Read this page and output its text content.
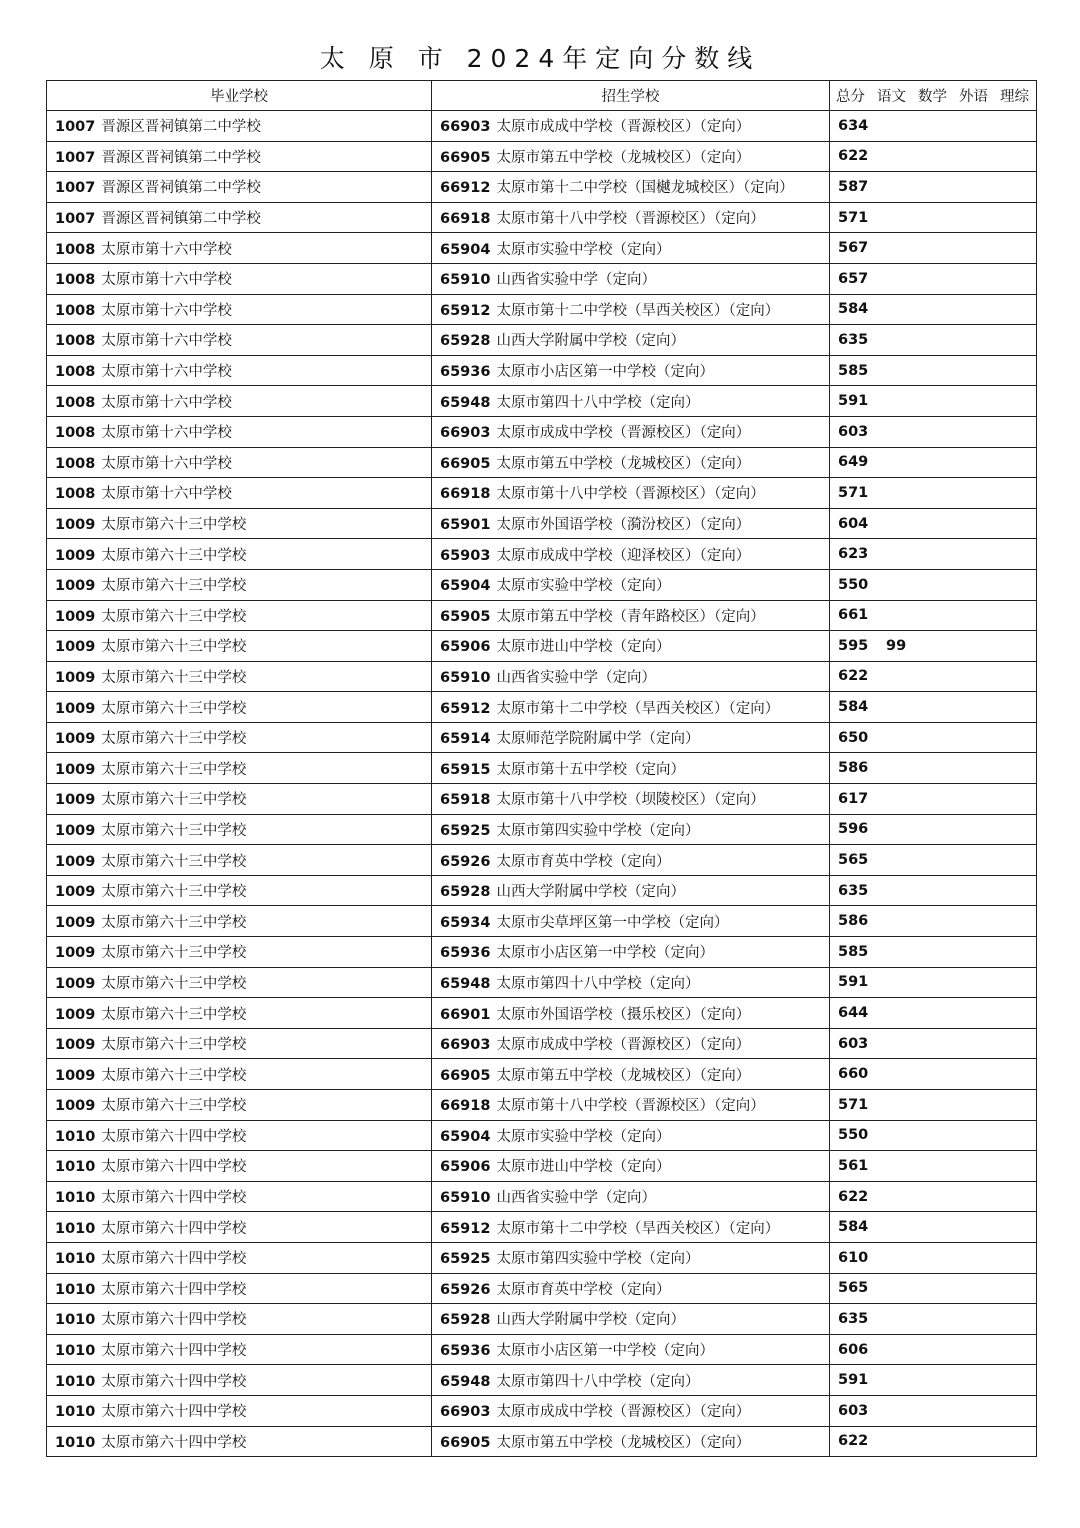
太 原 市 2024年定向分数线
毕业学校	招生学校	总分 语文 数学 外语 理综
1007 晋源区晋祠镇第二中学校	66903 太原市成成中学校（晋源校区）（定向）	634
1007 晋源区晋祠镇第二中学校	66905 太原市第五中学校（龙城校区）（定向）	622
1007 晋源区晋祠镇第二中学校	66912 太原市第十二中学校（国樾龙城校区）（定向）	587
1007 晋源区晋祠镇第二中学校	66918 太原市第十八中学校（晋源校区）（定向）	571
1008 太原市第十六中学校	65904 太原市实验中学校（定向）	567
1008 太原市第十六中学校	65910 山西省实验中学（定向）	657
1008 太原市第十六中学校	65912 太原市第十二中学校（旱西关校区）（定向）	584
1008 太原市第十六中学校	65928 山西大学附属中学校（定向）	635
1008 太原市第十六中学校	65936 太原市小店区第一中学校（定向）	585
1008 太原市第十六中学校	65948 太原市第四十八中学校（定向）	591
1008 太原市第十六中学校	66903 太原市成成中学校（晋源校区）（定向）	603
1008 太原市第十六中学校	66905 太原市第五中学校（龙城校区）（定向）	649
1008 太原市第十六中学校	66918 太原市第十八中学校（晋源校区）（定向）	571
1009 太原市第六十三中学校	65901 太原市外国语学校（漪汾校区）（定向）	604
1009 太原市第六十三中学校	65903 太原市成成中学校（迎泽校区）（定向）	623
1009 太原市第六十三中学校	65904 太原市实验中学校（定向）	550
1009 太原市第六十三中学校	65905 太原市第五中学校（青年路校区）（定向）	661
1009 太原市第六十三中学校	65906 太原市进山中学校（定向）	595 99
1009 太原市第六十三中学校	65910 山西省实验中学（定向）	622
1009 太原市第六十三中学校	65912 太原市第十二中学校（旱西关校区）（定向）	584
1009 太原市第六十三中学校	65914 太原师范学院附属中学（定向）	650
1009 太原市第六十三中学校	65915 太原市第十五中学校（定向）	586
1009 太原市第六十三中学校	65918 太原市第十八中学校（坝陵校区）（定向）	617
1009 太原市第六十三中学校	65925 太原市第四实验中学校（定向）	596
1009 太原市第六十三中学校	65926 太原市育英中学校（定向）	565
1009 太原市第六十三中学校	65928 山西大学附属中学校（定向）	635
1009 太原市第六十三中学校	65934 太原市尖草坪区第一中学校（定向）	586
1009 太原市第六十三中学校	65936 太原市小店区第一中学校（定向）	585
1009 太原市第六十三中学校	65948 太原市第四十八中学校（定向）	591
1009 太原市第六十三中学校	66901 太原市外国语学校（摄乐校区）（定向）	644
1009 太原市第六十三中学校	66903 太原市成成中学校（晋源校区）（定向）	603
1009 太原市第六十三中学校	66905 太原市第五中学校（龙城校区）（定向）	660
1009 太原市第六十三中学校	66918 太原市第十八中学校（晋源校区）（定向）	571
1010 太原市第六十四中学校	65904 太原市实验中学校（定向）	550
1010 太原市第六十四中学校	65906 太原市进山中学校（定向）	561
1010 太原市第六十四中学校	65910 山西省实验中学（定向）	622
1010 太原市第六十四中学校	65912 太原市第十二中学校（旱西关校区）（定向）	584
1010 太原市第六十四中学校	65925 太原市第四实验中学校（定向）	610
1010 太原市第六十四中学校	65926 太原市育英中学校（定向）	565
1010 太原市第六十四中学校	65928 山西大学附属中学校（定向）	635
1010 太原市第六十四中学校	65936 太原市小店区第一中学校（定向）	606
1010 太原市第六十四中学校	65948 太原市第四十八中学校（定向）	591
1010 太原市第六十四中学校	66903 太原市成成中学校（晋源校区）（定向）	603
1010 太原市第六十四中学校	66905 太原市第五中学校（龙城校区）（定向）	622
